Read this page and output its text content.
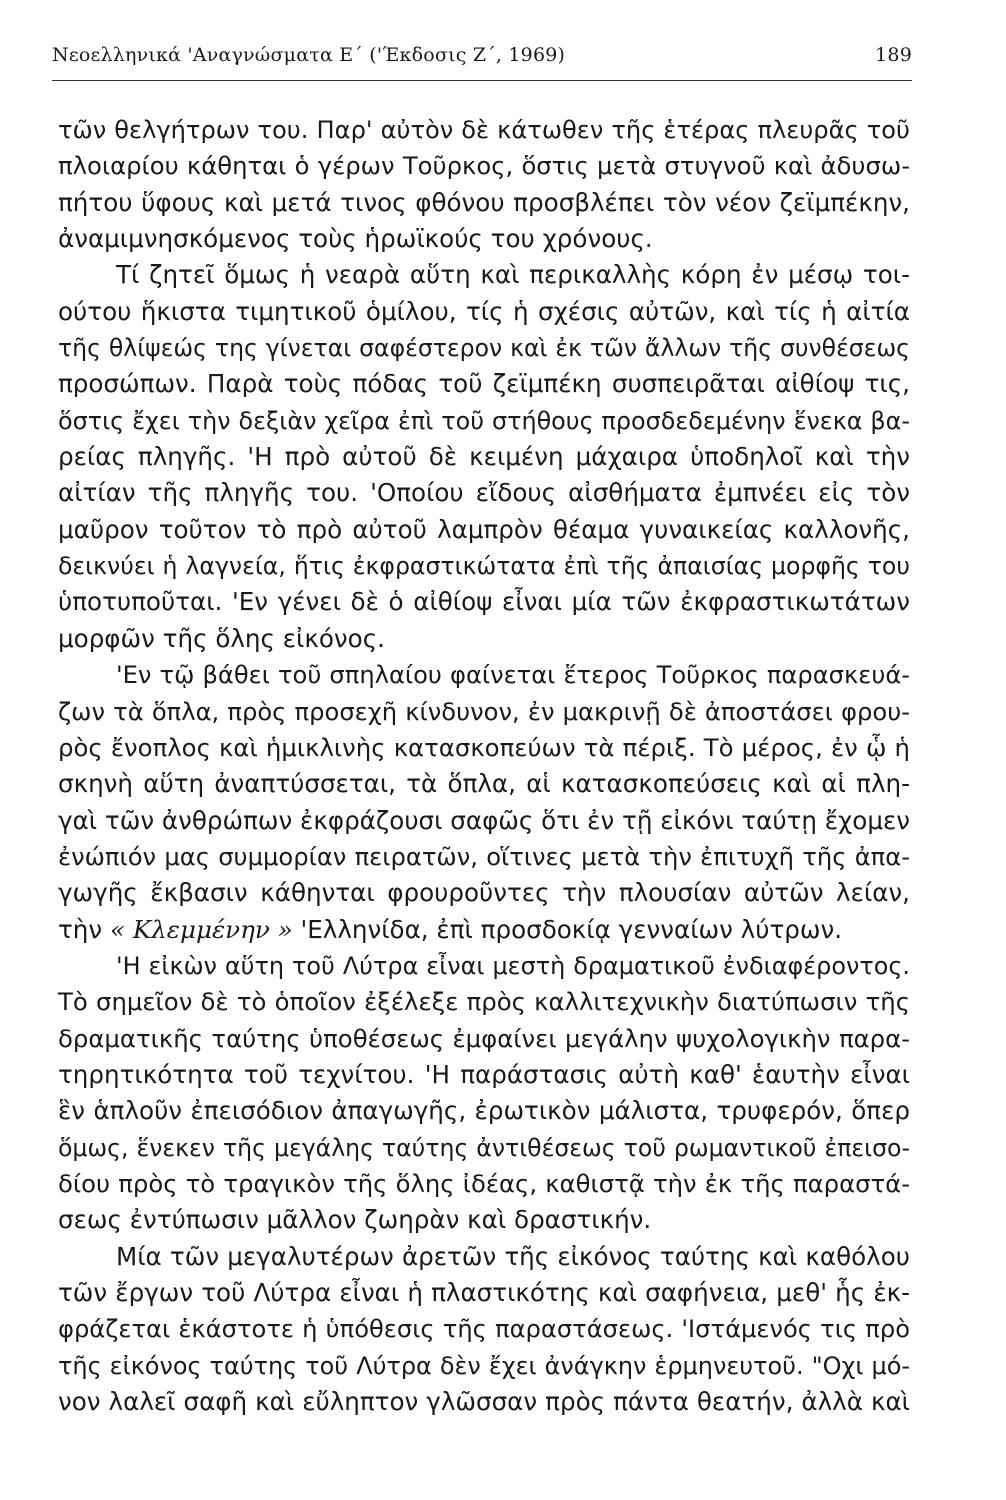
Νεοελληνικά 'Αναγνώσματα Ε΄ ('Έκδοσις Ζ΄, 1969)	189
τῶν θελγήτρων του. Παρ' αὐτὸν δὲ κάτωθεν τῆς ἑτέρας πλευρᾶς τοῦ
πλοιαρίου κάθηται ὁ γέρων Τοῦρκος, ὅστις μετὰ στυγνοῦ καὶ ἀδυσω-
πήτου ὕφους καὶ μετά τινος φθόνου προσβλέπει τὸν νέον ζεϊμπέκην,
ἀναμιμνησκόμενος τοὺς ἡρωϊκούς του χρόνους.
Τί ζητεῖ ὅμως ἡ νεαρὰ αὕτη καὶ περικαλλὴς κόρη ἐν μέσῳ τοι-
ούτου ἥκιστα τιμητικοῦ ὁμίλου, τίς ἡ σχέσις αὐτῶν, καὶ τίς ἡ αἰτία
τῆς θλίψεώς της γίνεται σαφέστερον καὶ ἐκ τῶν ἄλλων τῆς συνθέσεως
προσώπων. Παρὰ τοὺς πόδας τοῦ ζεϊμπέκη συσπειρᾶται αἰθίοψ τις,
ὅστις ἔχει τὴν δεξιὰν χεῖρα ἐπὶ τοῦ στήθους προσδεδεμένην ἕνεκα βα-
ρείας πληγῆς. 'Η πρὸ αὐτοῦ δὲ κειμένη μάχαιρα ὑποδηλοῖ καὶ τὴν
αἰτίαν τῆς πληγῆς του. 'Οποίου εἴδους αἰσθήματα ἐμπνέει εἰς τὸν
μαῦρον τοῦτον τὸ πρὸ αὐτοῦ λαμπρὸν θέαμα γυναικείας καλλονῆς,
δεικνύει ἡ λαγνεία, ἥτις ἐκφραστικώτατα ἐπὶ τῆς ἀπαισίας μορφῆς του
ὑποτυποῦται. 'Εν γένει δὲ ὁ αἰθίοψ εἶναι μία τῶν ἐκφραστικωτάτων
μορφῶν τῆς ὅλης εἰκόνος.
'Εν τῷ βάθει τοῦ σπηλαίου φαίνεται ἕτερος Τοῦρκος παρασκευά-
ζων τὰ ὅπλα, πρὸς προσεχῆ κίνδυνον, ἐν μακρινῇ δὲ ἀποστάσει φρου-
ρὸς ἔνοπλος καὶ ἡμικλινὴς κατασκοπεύων τὰ πέριξ. Τὸ μέρος, ἐν ᾧ ἡ
σκηνὴ αὕτη ἀναπτύσσεται, τὰ ὅπλα, αἱ κατασκοπεύσεις καὶ αἱ πλη-
γαὶ τῶν ἀνθρώπων ἐκφράζουσι σαφῶς ὅτι ἐν τῇ εἰκόνι ταύτῃ ἔχομεν
ἐνώπιόν μας συμμορίαν πειρατῶν, οἵτινες μετὰ τὴν ἐπιτυχῆ τῆς ἀπα-
γωγῆς ἔκβασιν κάθηνται φρουροῦντες τὴν πλουσίαν αὐτῶν λείαν,
τὴν « Κλεμμένην » 'Ελληνίδα, ἐπὶ προσδοκίᾳ γενναίων λύτρων.
'Η εἰκὼν αὕτη τοῦ Λύτρα εἶναι μεστὴ δραματικοῦ ἐνδιαφέροντος.
Τὸ σημεῖον δὲ τὸ ὁποῖον ἐξέλεξε πρὸς καλλιτεχνικὴν διατύπωσιν τῆς
δραματικῆς ταύτης ὑποθέσεως ἐμφαίνει μεγάλην ψυχολογικὴν παρα-
τηρητικότητα τοῦ τεχνίτου. 'Η παράστασις αὐτὴ καθ' ἑαυτὴν εἶναι
ἓν ἁπλοῦν ἐπεισόδιον ἀπαγωγῆς, ἐρωτικὸν μάλιστα, τρυφερόν, ὅπερ
ὅμως, ἕνεκεν τῆς μεγάλης ταύτης ἀντιθέσεως τοῦ ρωμαντικοῦ ἐπεισο-
δίου πρὸς τὸ τραγικὸν τῆς ὅλης ἰδέας, καθιστᾷ τὴν ἐκ τῆς παραστά-
σεως ἐντύπωσιν μᾶλλον ζωηρὰν καὶ δραστικήν.
Μία τῶν μεγαλυτέρων ἀρετῶν τῆς εἰκόνος ταύτης καὶ καθόλου
τῶν ἔργων τοῦ Λύτρα εἶναι ἡ πλαστικότης καὶ σαφήνεια, μεθ' ἧς ἐκ-
φράζεται ἑκάστοτε ἡ ὑπόθεσις τῆς παραστάσεως. 'Ιστάμενός τις πρὸ
τῆς εἰκόνος ταύτης τοῦ Λύτρα δὲν ἔχει ἀνάγκην ἑρμηνευτοῦ. "Οχι μό-
νον λαλεῖ σαφῆ καὶ εὔληπτον γλῶσσαν πρὸς πάντα θεατήν, ἀλλὰ καὶ
